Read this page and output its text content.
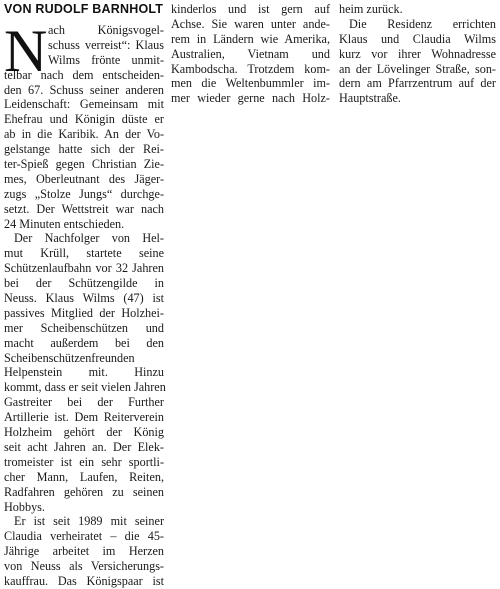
VON RUDOLF BARNHOLT
N ach Königsvogel-
schuss verreist“: Klaus
Wilms frönte unmit-
telbar nach dem entscheiden-
den 67. Schuss seiner anderen
Leidenschaft: Gemeinsam mit
Ehefrau und Königin düste er
ab in die Karibik. An der Vo-
gelstange hatte sich der Rei-
ter-Spieß gegen Christian Zie-
mes, Oberleutnant des Jäger-
zugs „Stolze Jungs“ durchge-
setzt. Der Wettstreit war nach
24 Minuten entschieden.
Der Nachfolger von Hel-
mut Krüll, startete seine
Schützenlaufbahn vor 32 Jahren
bei der Schützengilde in
Neuss. Klaus Wilms (47) ist
passives Mitglied der Holzhei-
mer Scheibenschützen und
macht außerdem bei den
Scheibenschützenfreunden
Helpenstein mit. Hinzu
kommt, dass er seit vielen Jahren
Gastreiter bei der Further
Artillerie ist. Dem Reiterverein
Holzheim gehört der König
seit acht Jahren an. Der Elek-
tromeister ist ein sehr sportli-
cher Mann, Laufen, Reiten,
Radfahren gehören zu seinen
Hobbys.
Er ist seit 1989 mit seiner
Claudia verheiratet – die 45-
Jährige arbeitet im Herzen
von Neuss als Versicherungs-
kauffrau. Das Königspaar ist
kinderlos und ist gern auf
Achse. Sie waren unter ande-
rem in Ländern wie Amerika,
Australien, Vietnam und
Kambodscha. Trotzdem kom-
men die Weltenbummler im-
mer wieder gerne nach Holz-
heim zurück.
Die Residenz errichten
Klaus und Claudia Wilms
kurz vor ihrer Wohnadresse
an der Lövelinger Straße, son-
dern am Pfarrzentrum auf der
Hauptstraße.
